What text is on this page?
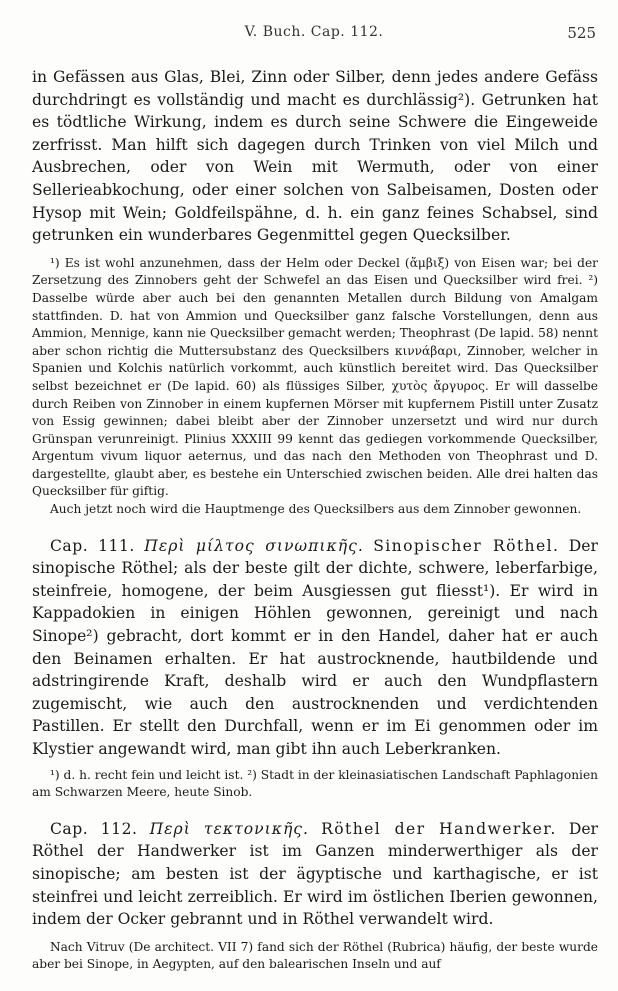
V. Buch. Cap. 112.	525

in Gefässen aus Glas, Blei, Zinn oder Silber, denn jedes andere Gefäss durchdringt es vollständig und macht es durchlässig²). Getrunken hat es tödtliche Wirkung, indem es durch seine Schwere die Eingeweide zerfrisst. Man hilft sich dagegen durch Trinken von viel Milch und Ausbrechen, oder von Wein mit Wermuth, oder von einer Sellerieabkochung, oder einer solchen von Salbeisamen, Dosten oder Hysop mit Wein; Goldfeilspähne, d. h. ein ganz feines Schabsel, sind getrunken ein wunderbares Gegenmittel gegen Quecksilber.

¹) Es ist wohl anzunehmen, dass der Helm oder Deckel (ἄμβιξ) von Eisen war; bei der Zersetzung des Zinnobers geht der Schwefel an das Eisen und Quecksilber wird frei. ²) Dasselbe würde aber auch bei den genannten Metallen durch Bildung von Amalgam stattfinden. D. hat von Ammion und Quecksilber ganz falsche Vorstellungen, denn aus Ammion, Mennige, kann nie Quecksilber gemacht werden; Theophrast (De lapid. 58) nennt aber schon richtig die Muttersubstanz des Quecksilbers κιννάβαρι, Zinnober, welcher in Spanien und Kolchis natürlich vorkommt, auch künstlich bereitet wird. Das Quecksilber selbst bezeichnet er (De lapid. 60) als flüssiges Silber, χυτὸς ἄργυρος. Er will dasselbe durch Reiben von Zinnober in einem kupfernen Mörser mit kupfernem Pistill unter Zusatz von Essig gewinnen; dabei bleibt aber der Zinnober unzersetzt und wird nur durch Grünspan verunreinigt. Plinius XXXIII 99 kennt das gediegen vorkommende Quecksilber, Argentum vivum liquor aeternus, und das nach den Methoden von Theophrast und D. dargestellte, glaubt aber, es bestehe ein Unterschied zwischen beiden. Alle drei halten das Quecksilber für giftig.

Auch jetzt noch wird die Hauptmenge des Quecksilbers aus dem Zinnober gewonnen.

Cap. 111. Περὶ μίλτος σινωπικῆς. Sinopischer Röthel. Der sinopische Röthel; als der beste gilt der dichte, schwere, leberfarbige, steinfreie, homogene, der beim Ausgiessen gut fliesst¹). Er wird in Kappadokien in einigen Höhlen gewonnen, gereinigt und nach Sinope²) gebracht, dort kommt er in den Handel, daher hat er auch den Beinamen erhalten. Er hat austrocknende, hautbildende und adstringirende Kraft, deshalb wird er auch den Wundpflastern zugemischt, wie auch den austrocknenden und verdichtenden Pastillen. Er stellt den Durchfall, wenn er im Ei genommen oder im Klystier angewandt wird, man gibt ihn auch Leberkranken.

¹) d. h. recht fein und leicht ist. ²) Stadt in der kleinasiatischen Landschaft Paphlagonien am Schwarzen Meere, heute Sinob.

Cap. 112. Περὶ τεκτονικῆς. Röthel der Handwerker. Der Röthel der Handwerker ist im Ganzen minderwerthiger als der sinopische; am besten ist der ägyptische und karthagische, er ist steinfrei und leicht zerreiblich. Er wird im östlichen Iberien gewonnen, indem der Ocker gebrannt und in Röthel verwandelt wird.

Nach Vitruv (De architect. VII 7) fand sich der Röthel (Rubrica) häufig, der beste wurde aber bei Sinope, in Aegypten, auf den balearischen Inseln und auf
